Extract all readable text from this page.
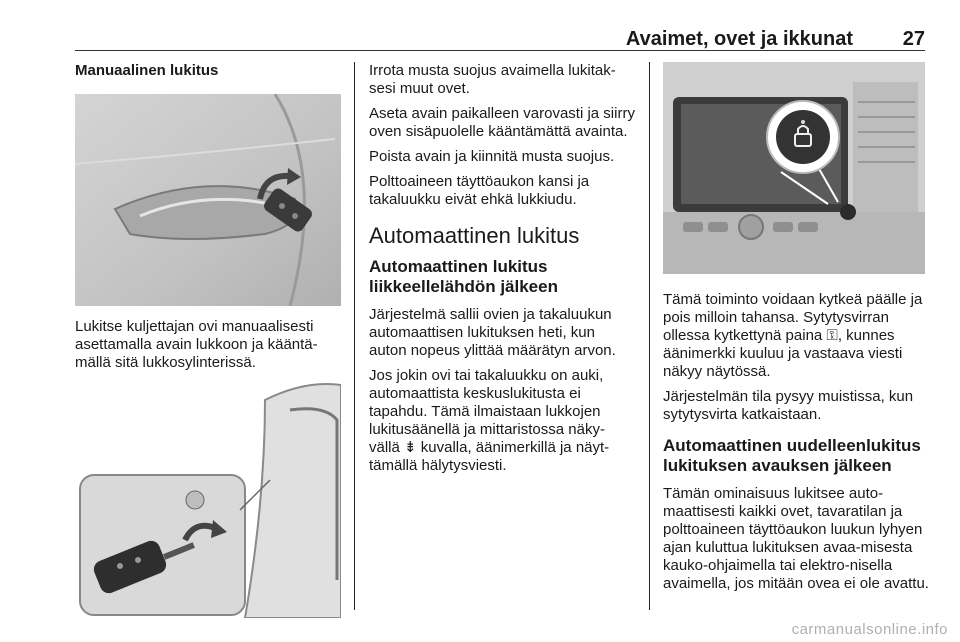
Avaimet, ovet ja ikkunat 27
Manuaalinen lukitus

Lukitse kuljettajan ovi manuaalisesti asettamalla avain lukkoon ja kääntä-mällä sitä lukkosylinterissä.

Irrota musta suojus avaimella lukitak-sesi muut ovet.

Aseta avain paikalleen varovasti ja siirry oven sisäpuolelle kääntämättä avainta.

Poista avain ja kiinnitä musta suojus.

Polttoaineen täyttöaukon kansi ja takaluukku eivät ehkä lukkiudu.

Automaattinen lukitus
Automaattinen lukitus liikkeellelähdön jälkeen

Järjestelmä sallii ovien ja takaluukun automaattisen lukituksen heti, kun auton nopeus ylittää määrätyn arvon.

Jos jokin ovi tai takaluukku on auki, automaattista keskuslukitusta ei tapahdu. Tämä ilmaistaan lukkojen lukitusäänellä ja mittaristossa näky-vällä ⇟ kuvalla, äänimerkillä ja näyt-tämällä hälytysviesti.

Tämä toiminto voidaan kytkeä päälle ja pois milloin tahansa. Sytytysvirran ollessa kytkettynä paina ⚿, kunnes äänimerkki kuuluu ja vastaava viesti näkyy näytössä.

Järjestelmän tila pysyy muistissa, kun sytytysvirta katkaistaan.

Automaattinen uudelleenlukitus lukituksen avauksen jälkeen

Tämän ominaisuus lukitsee auto-maattisesti kaikki ovet, tavaratilan ja polttoaineen täyttöaukon luukun lyhyen ajan kuluttua lukituksen avaa-misesta kauko-ohjaimella tai elektro-nisella avaimella, jos mitään ovea ei ole avattu.

carmanualsonline.info
